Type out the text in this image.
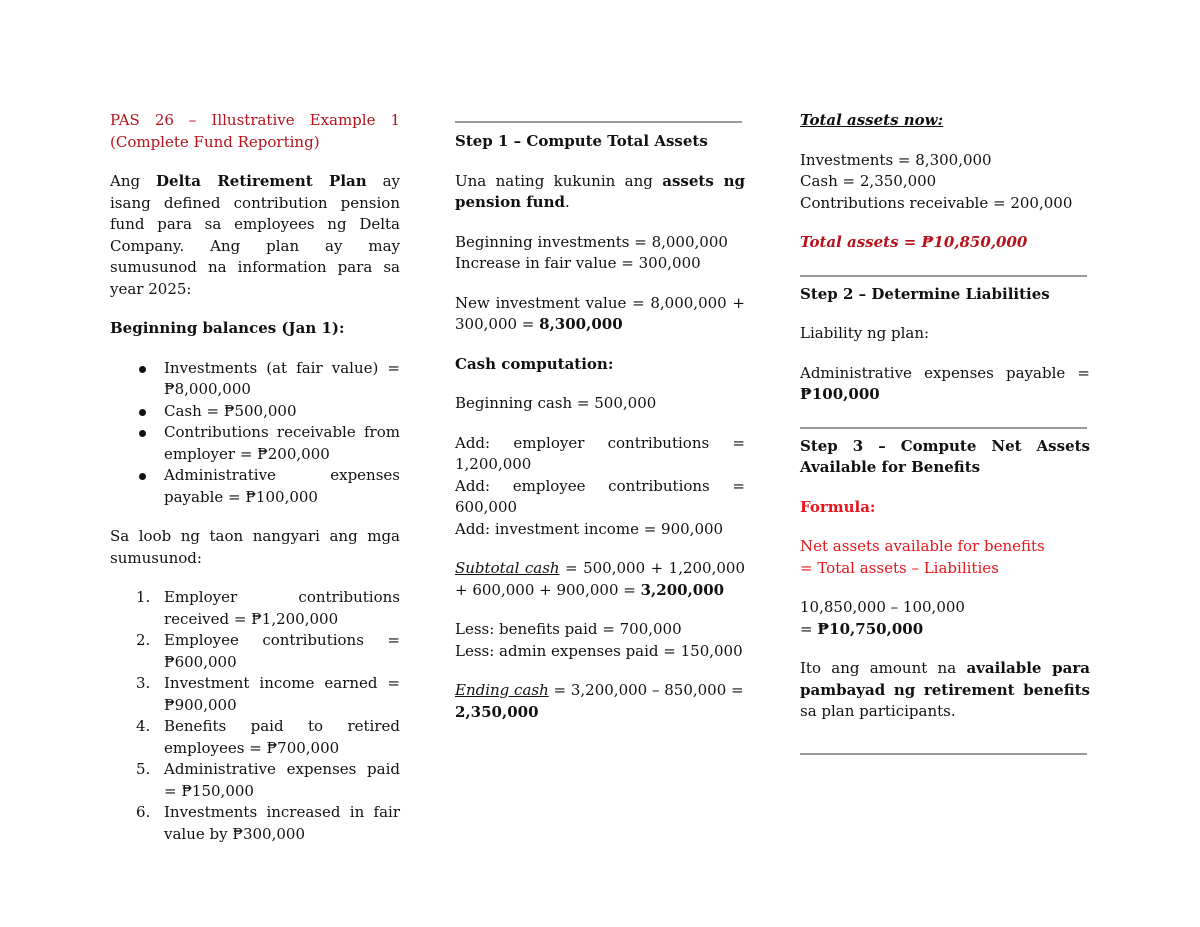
PAS 26 – Illustrative Example 1

(Complete Fund Reporting)

Ang Delta Retirement Plan ay isang defined contribution pension fund para sa employees ng Delta Company. Ang plan ay may sumusunod na information para sa year 2025:

Beginning balances (Jan 1):

Investments (at fair value) = ₱8,000,000
Cash = ₱500,000
Contributions receivable from employer = ₱200,000
Administrative expenses payable = ₱100,000

Sa loob ng taon nangyari ang mga sumusunod:

1. Employer contributions received = ₱1,200,000
2. Employee contributions = ₱600,000
3. Investment income earned = ₱900,000
4. Benefits paid to retired employees = ₱700,000
5. Administrative expenses paid = ₱150,000
6. Investments increased in fair value by ₱300,000

Step 1 – Compute Total Assets

Una nating kukunin ang assets ng pension fund.

Beginning investments = 8,000,000

Increase in fair value = 300,000

New investment value = 8,000,000 + 300,000 = 8,300,000

Cash computation:

Beginning cash = 500,000

Add: employer contributions = 1,200,000

Add: employee contributions = 600,000

Add: investment income = 900,000

Subtotal cash = 500,000 + 1,200,000 + 600,000 + 900,000 = 3,200,000

Less: benefits paid = 700,000

Less: admin expenses paid = 150,000

Ending cash = 3,200,000 – 850,000 = 2,350,000

Total assets now:

Investments = 8,300,000

Cash = 2,350,000

Contributions receivable = 200,000

Total assets = ₱10,850,000

Step 2 – Determine Liabilities

Liability ng plan:

Administrative expenses payable = ₱100,000

Step 3 – Compute Net Assets Available for Benefits

Formula:

Net assets available for benefits

= Total assets – Liabilities

10,850,000 – 100,000

= ₱10,750,000

Ito ang amount na available para pambayad ng retirement benefits sa plan participants.
